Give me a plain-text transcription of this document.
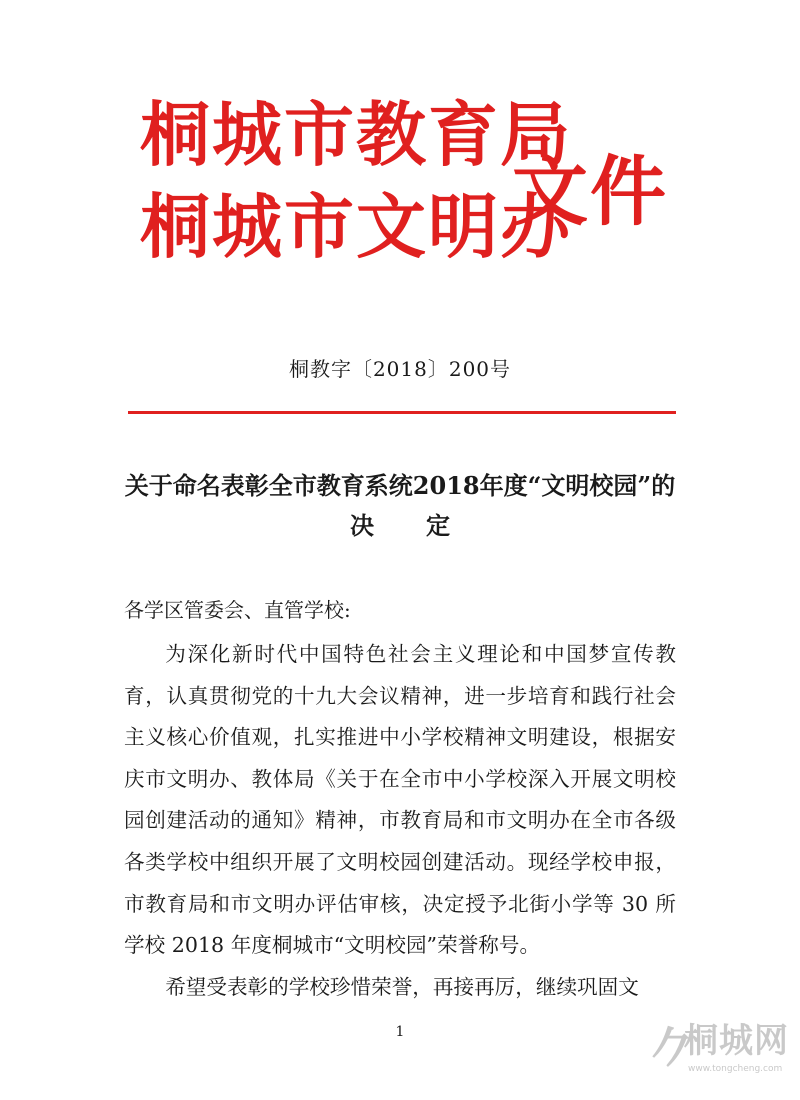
桐城市教育局
桐城市文明办
文件
桐教字〔2018〕200号
关于命名表彰全市教育系统2018年度“文明校园”的
决定
各学区管委会、直管学校:

为深化新时代中国特色社会主义理论和中国梦宣传教育，认真贯彻党的十九大会议精神，进一步培育和践行社会主义核心价值观，扎实推进中小学校精神文明建设，根据安庆市文明办、教体局《关于在全市中小学校深入开展文明校园创建活动的通知》精神，市教育局和市文明办在全市各级各类学校中组织开展了文明校园创建活动。现经学校申报，市教育局和市文明办评估审核，决定授予北街小学等 30 所学校 2018 年度桐城市“文明校园”荣誉称号。

希望受表彰的学校珍惜荣誉，再接再厉，继续巩固文

1	𠂊
桐城网
www.tongcheng.com
